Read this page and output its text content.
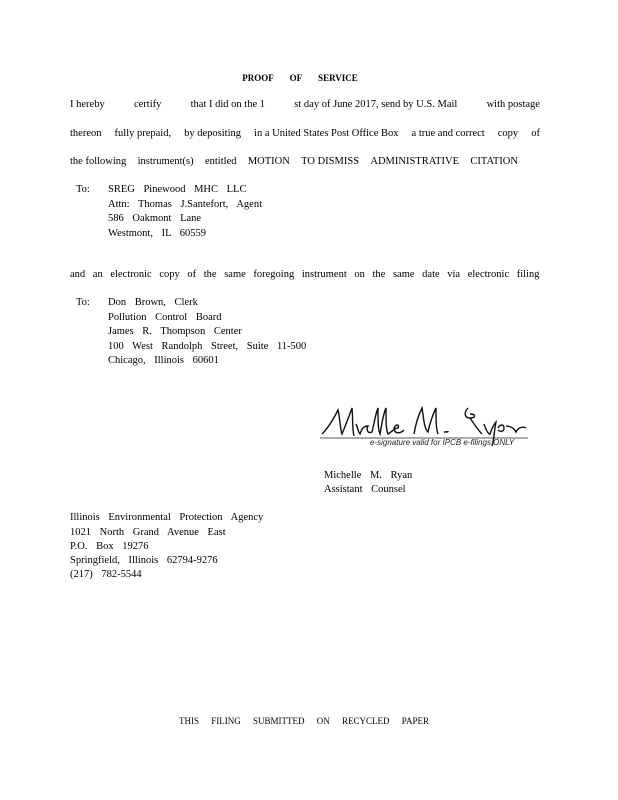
PROOF OF SERVICE
I hereby	certify	that I did on the 1	st day of June 2017, send by U.S. Mail	with postage
thereon fully prepaid, by depositing in a United States Post Office Box a true and correct copy of
the following instrument(s) entitled MOTION TO DISMISS ADMINISTRATIVE CITATION
To: SREG Pinewood MHC LLC
Attn: Thomas J.Santefort, Agent
586 Oakmont Lane
Westmont, IL 60559
and an electronic copy of the same foregoing instrument on the same date via electronic filing
To: Don Brown, Clerk
Pollution Control Board
James R. Thompson Center
100 West Randolph Street, Suite 11-500
Chicago, Illinois 60601
e-signature valid for IPCB e-filings ONLY
Michelle M. Ryan
Assistant Counsel
Illinois Environmental Protection Agency
1021 North Grand Avenue East
P.O. Box 19276
Springfield, Illinois 62794-9276
(217) 782-5544
THIS FILING SUBMITTED ON RECYCLED PAPER
